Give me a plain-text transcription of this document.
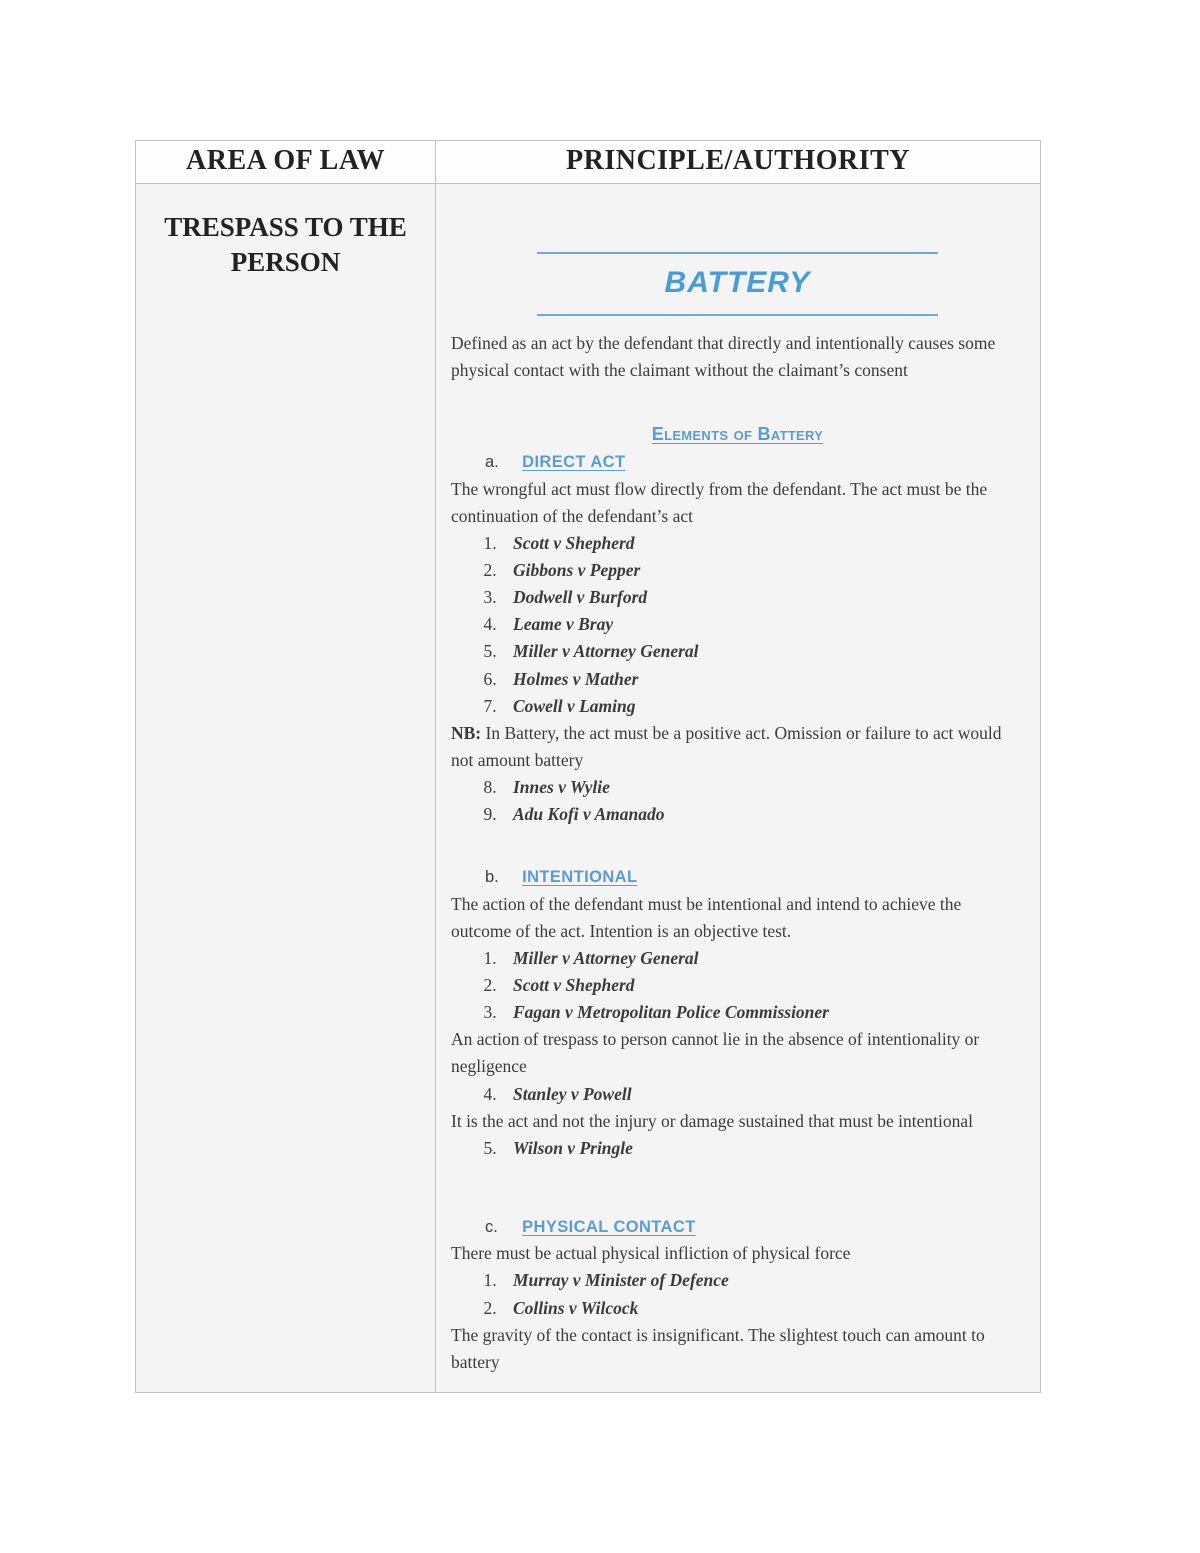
AREA OF LAW	PRINCIPLE/AUTHORITY
TRESPASS TO THE PERSON
BATTERY

Defined as an act by the defendant that directly and intentionally causes some physical contact with the claimant without the claimant’s consent

Elements of Battery
a. DIRECT ACT

The wrongful act must flow directly from the defendant. The act must be the continuation of the defendant’s act

1. Scott v Shepherd
2. Gibbons v Pepper
3. Dodwell v Burford
4. Leame v Bray
5. Miller v Attorney General
6. Holmes v Mather
7. Cowell v Laming

NB: In Battery, the act must be a positive act. Omission or failure to act would not amount battery

8. Innes v Wylie
9. Adu Kofi v Amanado
b. INTENTIONAL

The action of the defendant must be intentional and intend to achieve the outcome of the act. Intention is an objective test.

1. Miller v Attorney General
2. Scott v Shepherd
3. Fagan v Metropolitan Police Commissioner

An action of trespass to person cannot lie in the absence of intentionality or negligence

4. Stanley v Powell

It is the act and not the injury or damage sustained that must be intentional

5. Wilson v Pringle
c. PHYSICAL CONTACT

There must be actual physical infliction of physical force

1. Murray v Minister of Defence
2. Collins v Wilcock

The gravity of the contact is insignificant. The slightest touch can amount to battery
